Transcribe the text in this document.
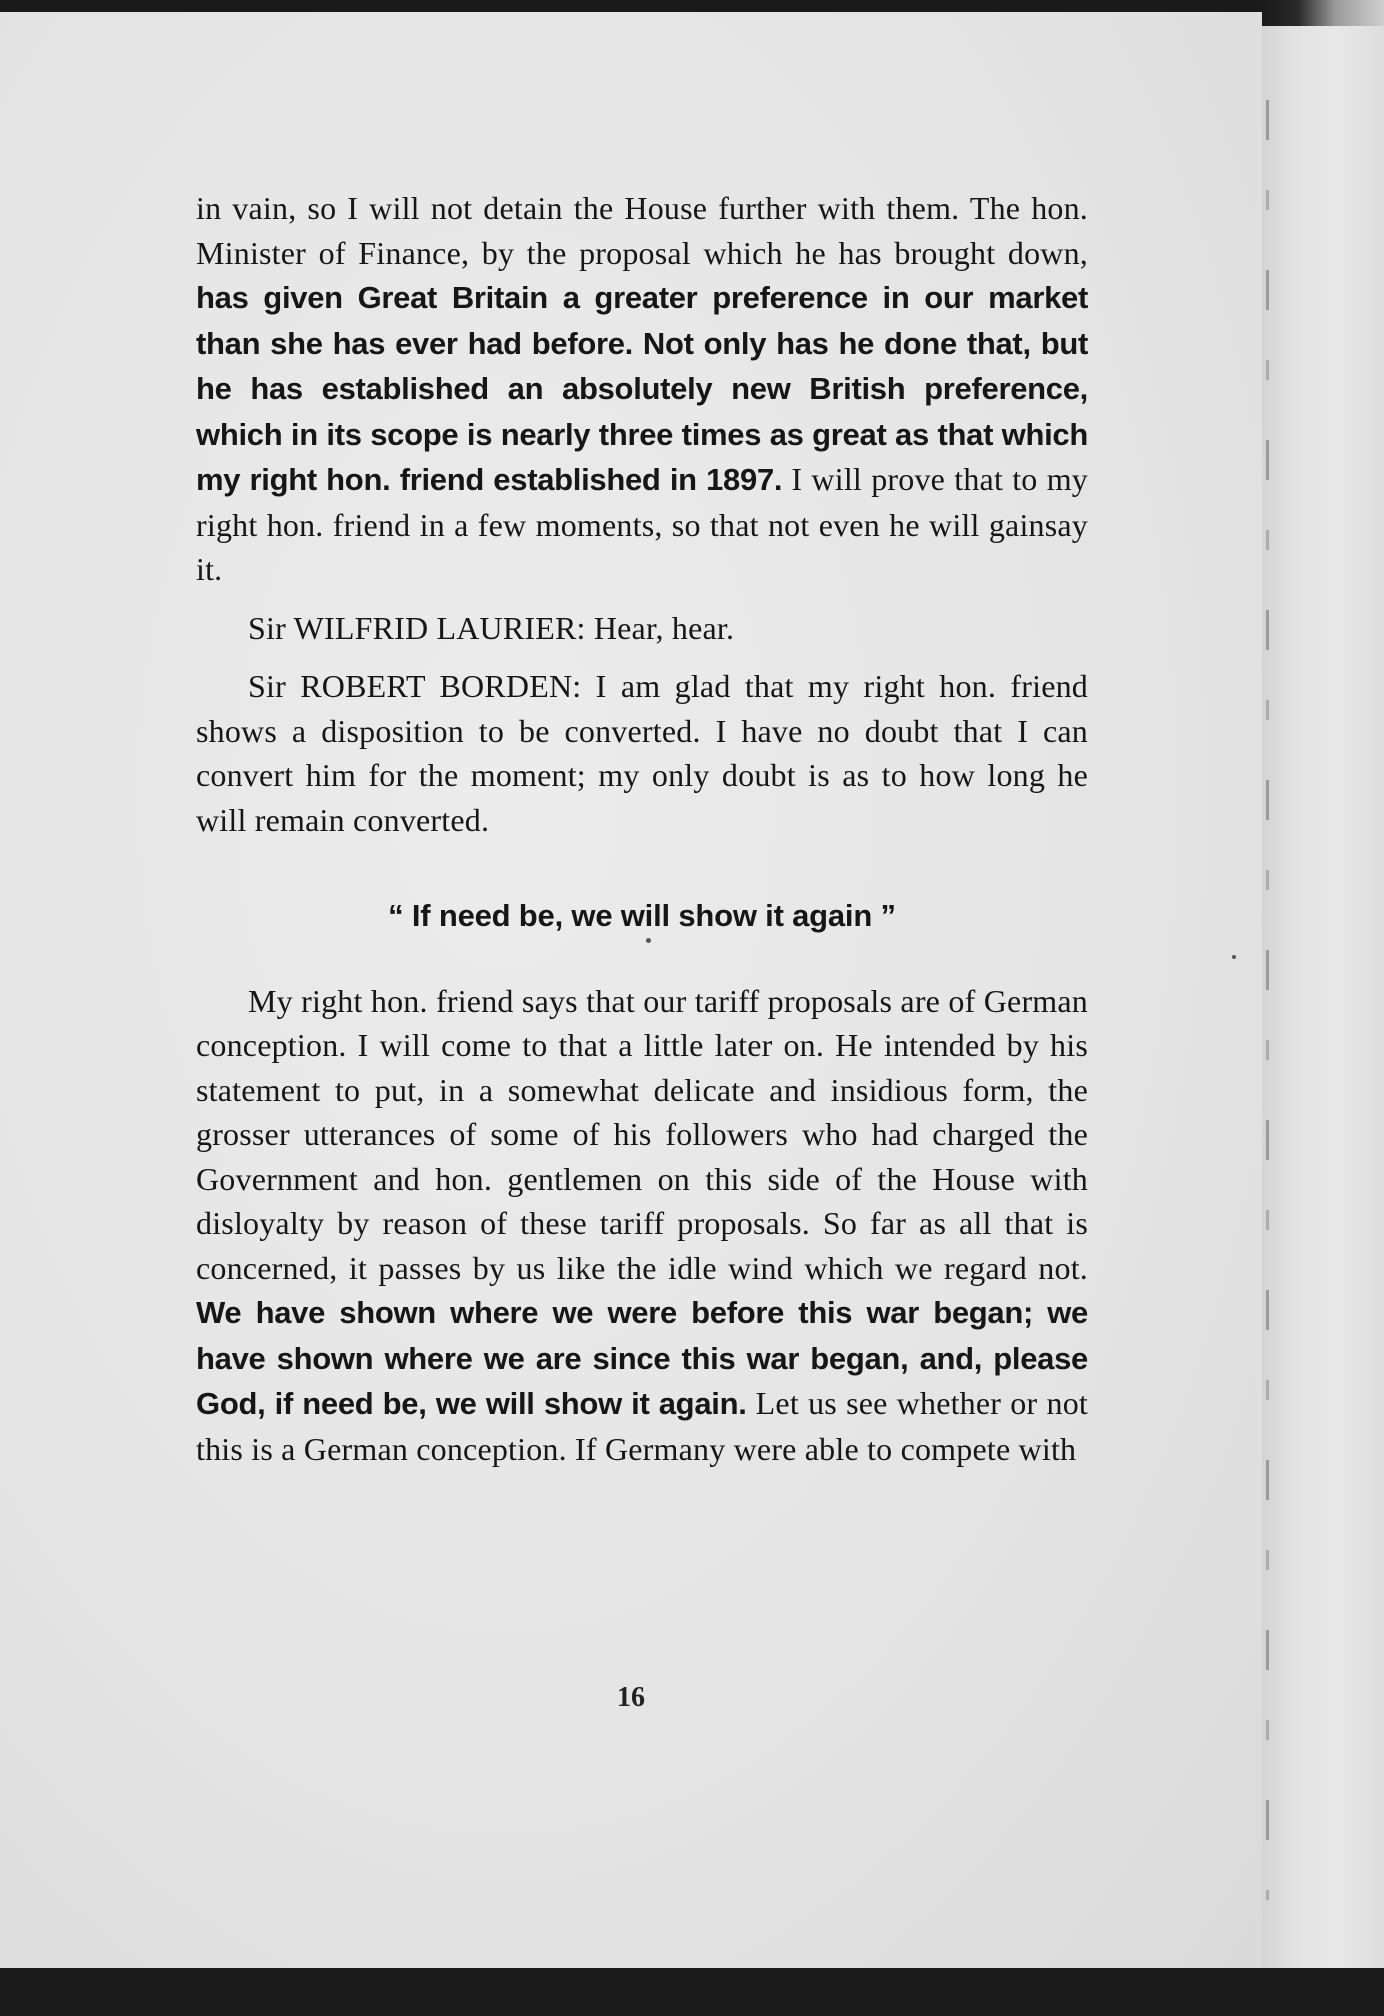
in vain, so I will not detain the House further with them. The hon. Minister of Finance, by the proposal which he has brought down, has given Great Britain a greater preference in our market than she has ever had before. Not only has he done that, but he has established an absolutely new British preference, which in its scope is nearly three times as great as that which my right hon. friend established in 1897. I will prove that to my right hon. friend in a few moments, so that not even he will gainsay it.

Sir WILFRID LAURIER: Hear, hear.

Sir ROBERT BORDEN: I am glad that my right hon. friend shows a disposition to be converted. I have no doubt that I can convert him for the moment; my only doubt is as to how long he will remain converted.

“ If need be, we will show it again ”

My right hon. friend says that our tariff proposals are of German conception. I will come to that a little later on. He intended by his statement to put, in a somewhat delicate and insidious form, the grosser utterances of some of his followers who had charged the Government and hon. gentlemen on this side of the House with disloyalty by reason of these tariff proposals. So far as all that is concerned, it passes by us like the idle wind which we regard not. We have shown where we were before this war began; we have shown where we are since this war began, and, please God, if need be, we will show it again. Let us see whether or not this is a German conception. If Germany were able to compete with

16
